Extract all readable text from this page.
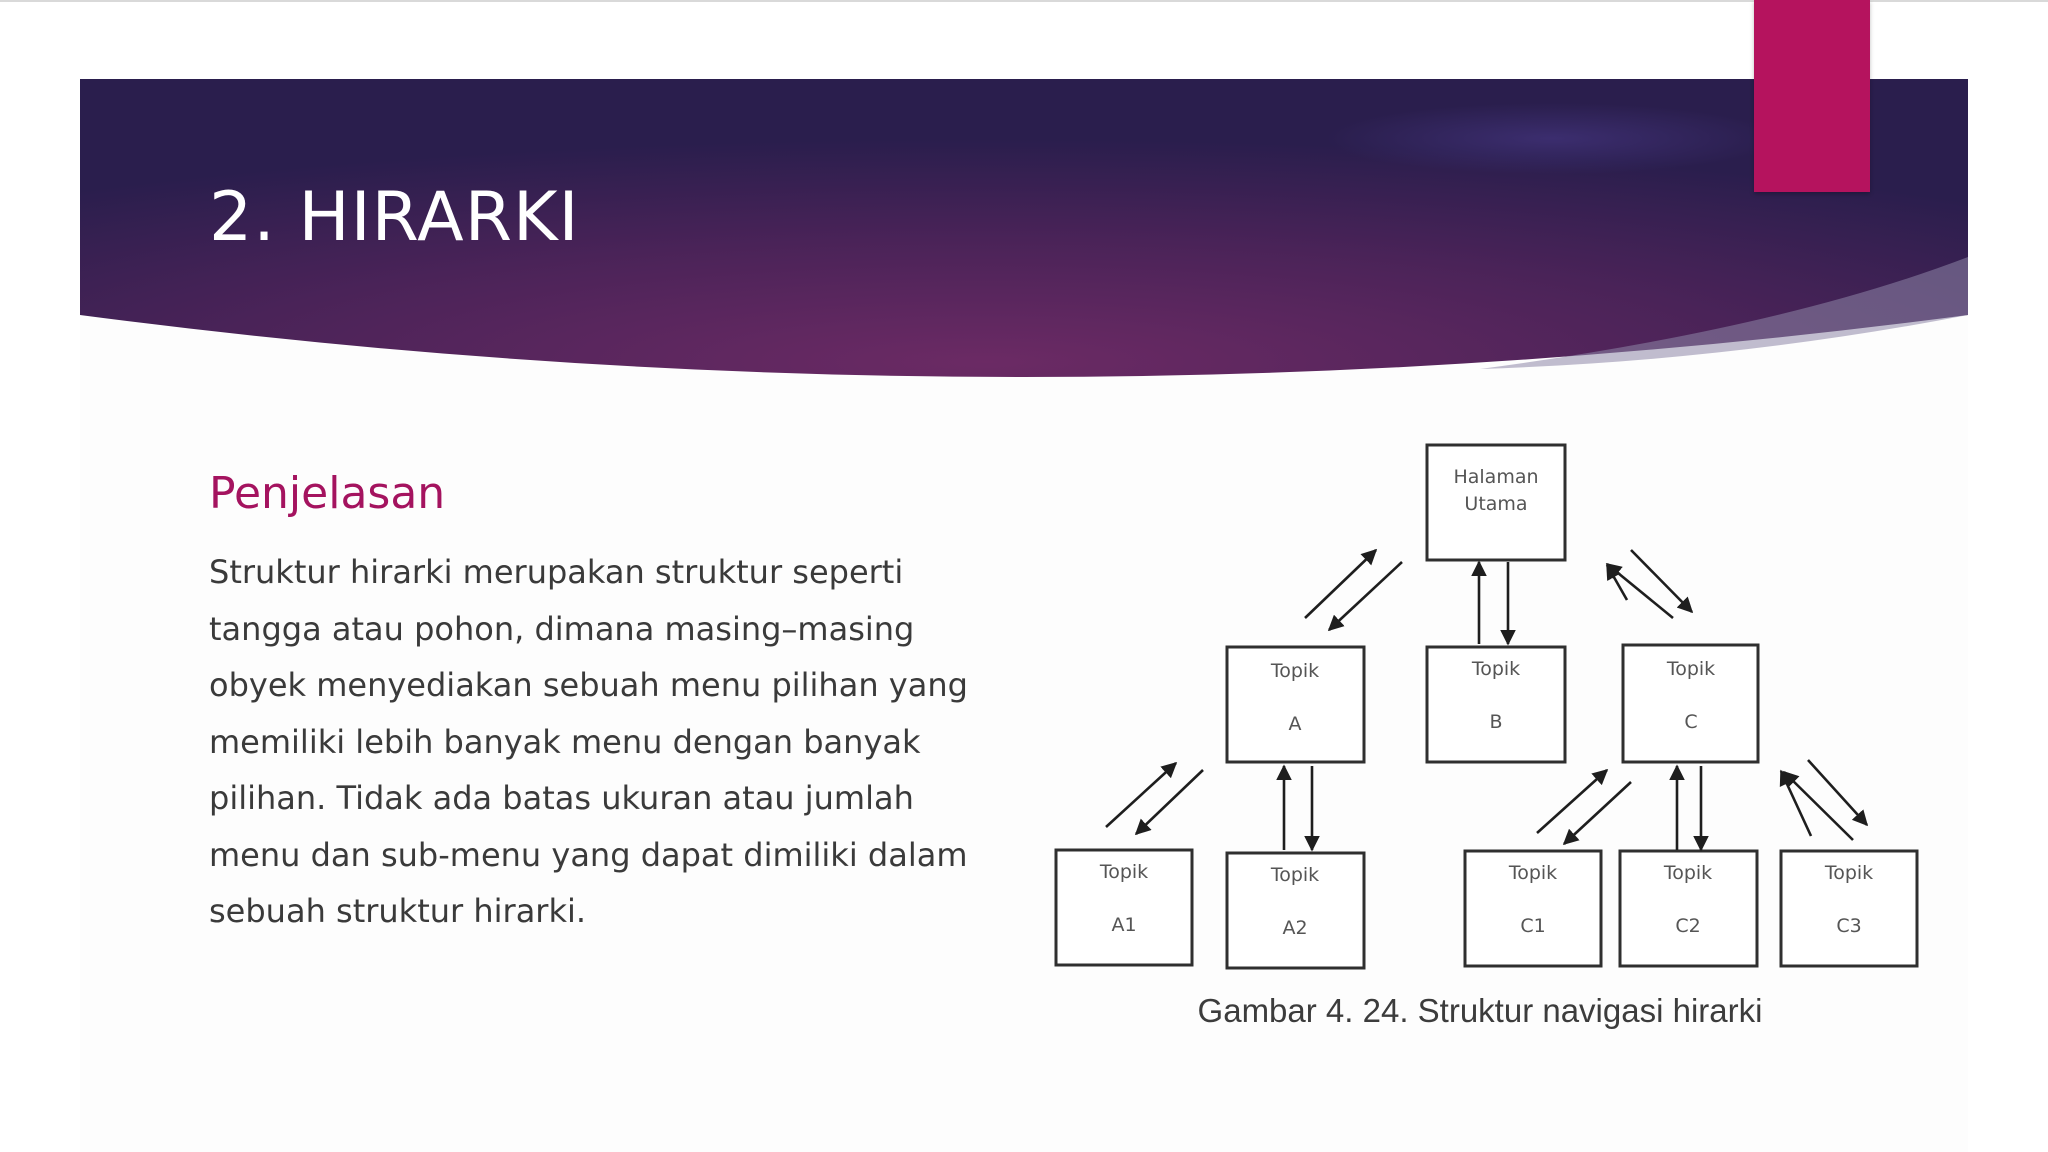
2. HIRARKI
Penjelasan

Struktur hirarki merupakan struktur seperti tangga atau pohon, dimana masing–masing obyek menyediakan sebuah menu pilihan yang memiliki lebih banyak menu dengan banyak pilihan. Tidak ada batas ukuran atau jumlah menu dan sub-menu yang dapat dimiliki dalam sebuah struktur hirarki.

Halaman
Utama
Topik
A
Topik
B
Topik
C
Topik
A1
Topik
A2
Topik
C1
Topik
C2
Topik
C3
Gambar 4. 24. Struktur navigasi hirarki
